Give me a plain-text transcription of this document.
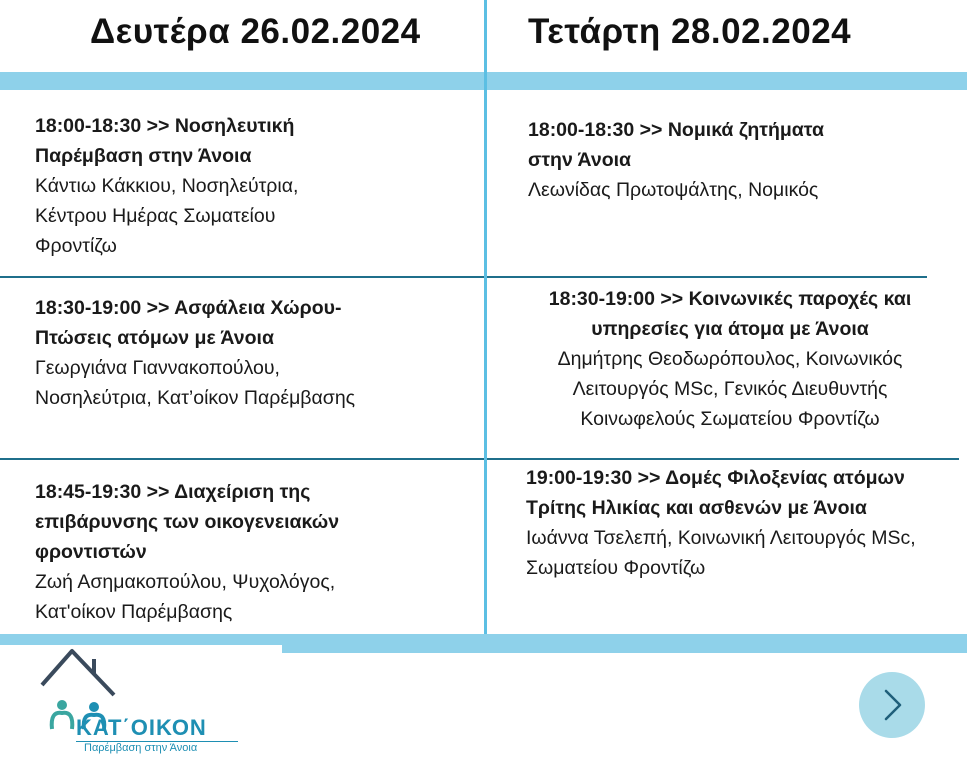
Δευτέρα 26.02.2024	Τετάρτη 28.02.2024
18:00-18:30 >> Νοσηλευτική Παρέμβαση στην Άνοια
Κάντιω Κάκκιου, Νοσηλεύτρια, Κέντρου Ημέρας Σωματείου Φροντίζω
18:30-19:00 >> Ασφάλεια Χώρου- Πτώσεις ατόμων με Άνοια
Γεωργιάνα Γιαννακοπούλου, Νοσηλεύτρια, Κατ’οίκον Παρέμβασης
18:45-19:30 >> Διαχείριση της επιβάρυνσης των οικογενειακών φροντιστών
Ζωή Ασημακοπούλου, Ψυχολόγος, Κατ'οίκον Παρέμβασης
18:00-18:30 >> Νομικά ζητήματα στην Άνοια
Λεωνίδας Πρωτοψάλτης, Νομικός
18:30-19:00 >> Κοινωνικές παροχές και υπηρεσίες για άτομα με Άνοια
Δημήτρης Θεοδωρόπουλος, Κοινωνικός Λειτουργός MSc, Γενικός Διευθυντής Κοινωφελούς Σωματείου Φροντίζω
19:00-19:30 >> Δομές Φιλοξενίας ατόμων Τρίτης Ηλικίας και ασθενών με Άνοια
Ιωάννα Τσελεπή, Κοινωνική Λειτουργός MSc, Σωματείου Φροντίζω
ΚΑΤ΄ΟΙΚΟΝ
Παρέμβαση στην Άνοια
